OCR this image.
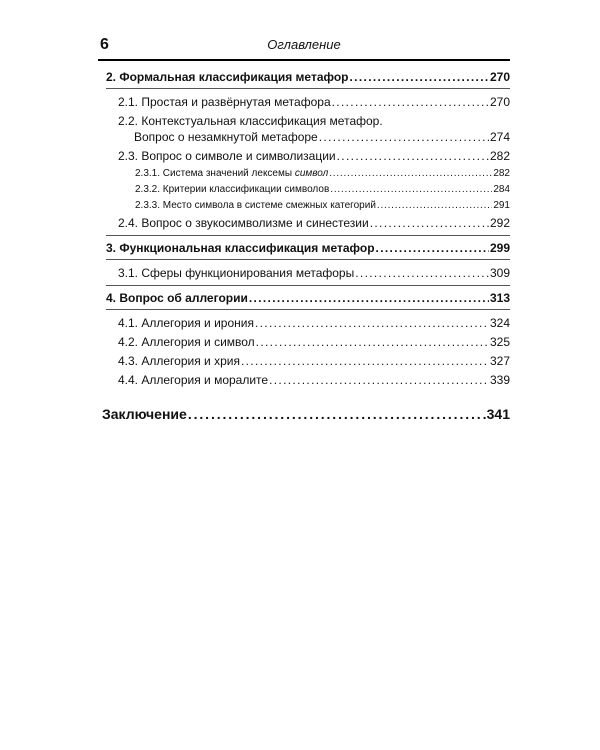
6	Оглавление
2. Формальная классификация метафор . . .	270
2.1. Простая и развёрнутая метафора . . .	270
2.2. Контекстуальная классификация метафор.
Вопрос о незамкнутой метафоре . . .	274
2.3. Вопрос о символе и символизации . . .	282
2.3.1. Система значений лексемы символ . . .	282
2.3.2. Критерии классификации символов . . .	284
2.3.3. Место символа в системе смежных категорий . . .	291
2.4. Вопрос о звукосимволизме и синестезии . . .	292
3. Функциональная классификация метафор . . .	299
3.1. Сферы функционирования метафоры . . .	309
4. Вопрос об аллегории . . .	313
4.1. Аллегория и ирония . . .	324
4.2. Аллегория и символ . . .	325
4.3. Аллегория и хрия . . .	327
4.4. Аллегория и моралите . . .	339
Заключение . . .	341
